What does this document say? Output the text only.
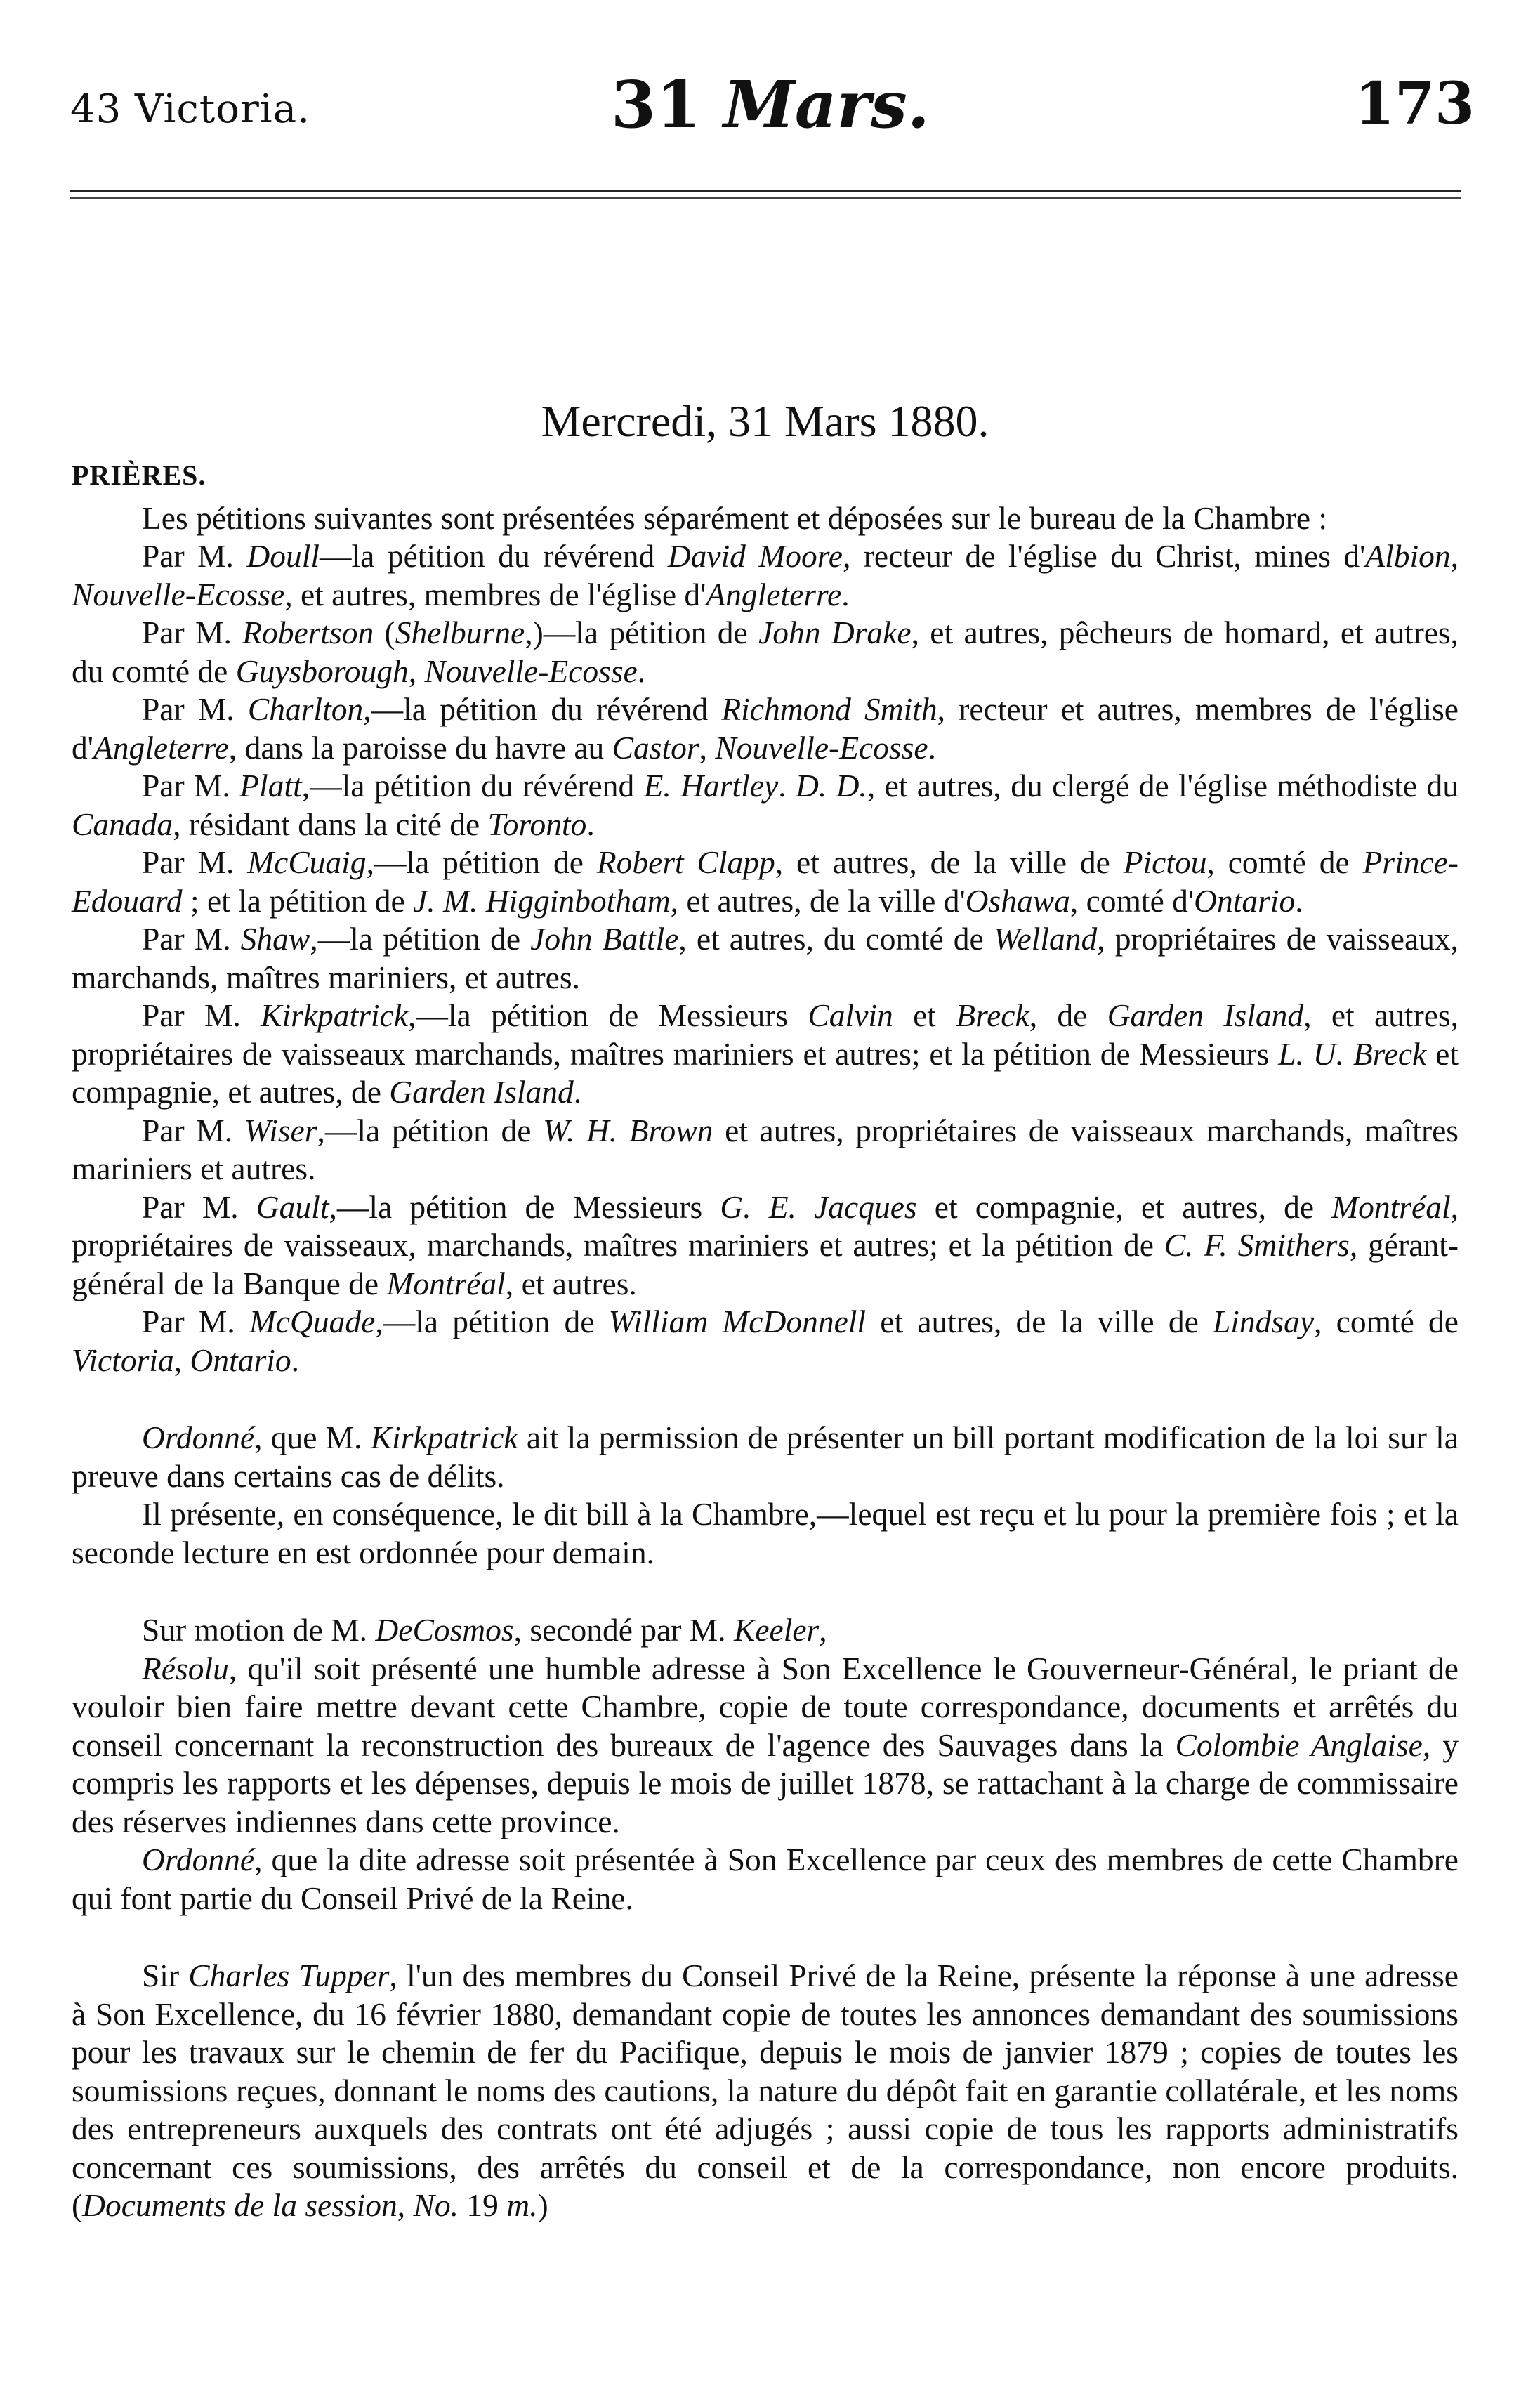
43 Victoria.	31 Mars.	173
Mercredi, 31 Mars 1880.
PRIÈRES.

Les pétitions suivantes sont présentées séparément et déposées sur le bureau de la Chambre :

Par M. Doull—la pétition du révérend David Moore, recteur de l'église du Christ, mines d'Albion, Nouvelle-Ecosse, et autres, membres de l'église d'Angleterre.

Par M. Robertson (Shelburne,)—la pétition de John Drake, et autres, pêcheurs de homard, et autres, du comté de Guysborough, Nouvelle-Ecosse.

Par M. Charlton,—la pétition du révérend Richmond Smith, recteur et autres, membres de l'église d'Angleterre, dans la paroisse du havre au Castor, Nouvelle-Ecosse.

Par M. Platt,—la pétition du révérend E. Hartley. D. D., et autres, du clergé de l'église méthodiste du Canada, résidant dans la cité de Toronto.

Par M. McCuaig,—la pétition de Robert Clapp, et autres, de la ville de Pictou, comté de Prince-Edouard ; et la pétition de J. M. Higginbotham, et autres, de la ville d'Oshawa, comté d'Ontario.

Par M. Shaw,—la pétition de John Battle, et autres, du comté de Welland, propriétaires de vaisseaux, marchands, maîtres mariniers, et autres.

Par M. Kirkpatrick,—la pétition de Messieurs Calvin et Breck, de Garden Island, et autres, propriétaires de vaisseaux marchands, maîtres mariniers et autres; et la pétition de Messieurs L. U. Breck et compagnie, et autres, de Garden Island.

Par M. Wiser,—la pétition de W. H. Brown et autres, propriétaires de vaisseaux marchands, maîtres mariniers et autres.

Par M. Gault,—la pétition de Messieurs G. E. Jacques et compagnie, et autres, de Montréal, propriétaires de vaisseaux, marchands, maîtres mariniers et autres; et la pétition de C. F. Smithers, gérant-général de la Banque de Montréal, et autres.

Par M. McQuade,—la pétition de William McDonnell et autres, de la ville de Lindsay, comté de Victoria, Ontario.

Ordonné, que M. Kirkpatrick ait la permission de présenter un bill portant modification de la loi sur la preuve dans certains cas de délits.

Il présente, en conséquence, le dit bill à la Chambre,—lequel est reçu et lu pour la première fois ; et la seconde lecture en est ordonnée pour demain.

Sur motion de M. DeCosmos, secondé par M. Keeler,

Résolu, qu'il soit présenté une humble adresse à Son Excellence le Gouverneur-Général, le priant de vouloir bien faire mettre devant cette Chambre, copie de toute correspondance, documents et arrêtés du conseil concernant la reconstruction des bureaux de l'agence des Sauvages dans la Colombie Anglaise, y compris les rapports et les dépenses, depuis le mois de juillet 1878, se rattachant à la charge de commissaire des réserves indiennes dans cette province.

Ordonné, que la dite adresse soit présentée à Son Excellence par ceux des membres de cette Chambre qui font partie du Conseil Privé de la Reine.

Sir Charles Tupper, l'un des membres du Conseil Privé de la Reine, présente la réponse à une adresse à Son Excellence, du 16 février 1880, demandant copie de toutes les annonces demandant des soumissions pour les travaux sur le chemin de fer du Pacifique, depuis le mois de janvier 1879 ; copies de toutes les soumissions reçues, donnant le noms des cautions, la nature du dépôt fait en garantie collatérale, et les noms des entrepreneurs auxquels des contrats ont été adjugés ; aussi copie de tous les rapports administratifs concernant ces soumissions, des arrêtés du conseil et de la correspondance, non encore produits. (Documents de la session, No. 19 m.)
